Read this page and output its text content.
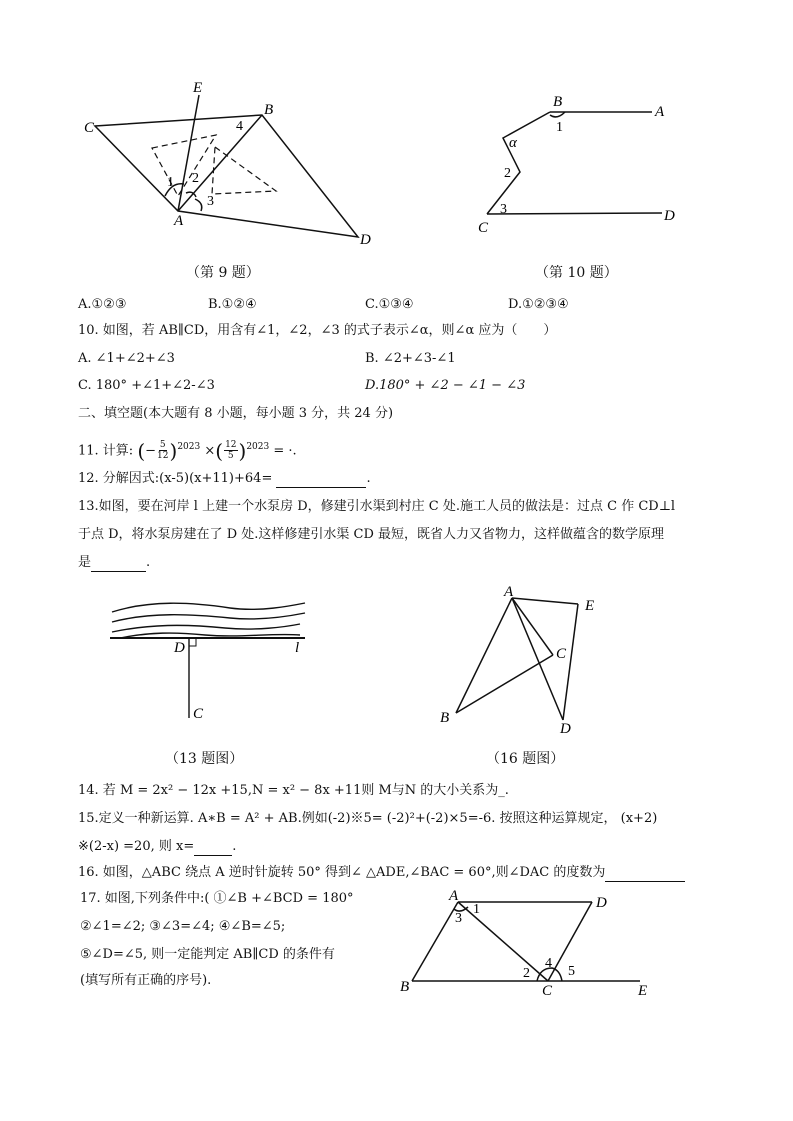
E
B
C
A
D
1 2
3
4
（第 9 题）
B
A
C
D
α
1
2
3
（第 10 题）
A.①②③	B.①②④	C.①③④	D.①②③④
10. 如图，若 AB∥CD，用含有∠1，∠2，∠3 的式子表示∠α，则∠α 应为（　　）
A. ∠1+∠2+∠3	B. ∠2+∠3-∠1
C. 180° +∠1+∠2-∠3	D.180° + ∠2 − ∠1 − ∠3
二、填空题(本大题有 8 小题，每小题 3 分，共 24 分)
11. 计算: (− $\frac{5}{12} )^{2023}$ ×( $\frac{12}{5} )^{2023}$ = ·.
12. 分解因式:(x-5)(x+11)+64=	.
13.如图，要在河岸 l 上建一个水泵房 D，修建引水渠到村庄 C 处.施工人员的做法是：过点 C 作 CD⊥l
于点 D，将水泵房建在了 D 处.这样修建引水渠 CD 最短，既省人力又省物力，这样做蕴含的数学原理
是	.
D	l
C
（13 题图）
A
E
C
B
D
（16 题图）
14. 若 M = 2x² − 12x +15,N = x² − 8x +11则 M与N 的大小关系为_.
15.定义一种新运算. A∗B = A² + AB.例如(-2)※5= (-2)²+(-2)×5=-6. 按照这种运算规定， (x+2)
※(2-x) =20, 则 x=	.
16. 如图，△ABC 绕点 A 逆时针旋转 50° 得到∠ △ADE,∠BAC = 60°,则∠DAC 的度数为
17. 如图,下列条件中:( ①∠B +∠BCD = 180°
②∠1=∠2; ③∠3=∠4; ④∠B=∠5;
⑤∠D=∠5, 则一定能判定 AB∥CD 的条件有
(填写所有正确的序号).
A	D
B	C	E
1
3
2
4
5
